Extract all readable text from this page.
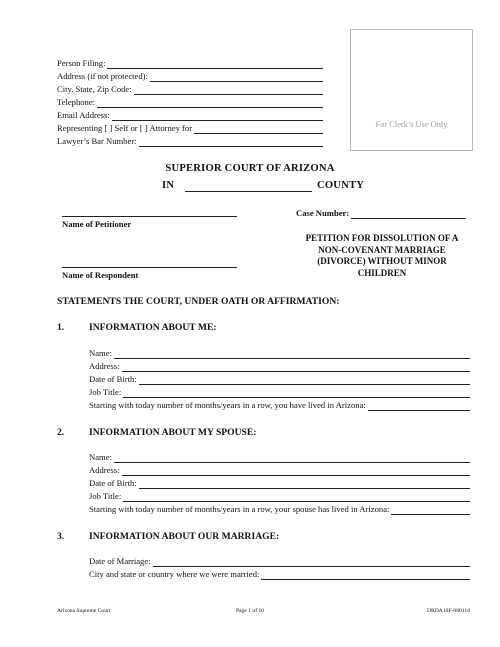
Person Filing:
Address (if not protected):
City, State, Zip Code:
Telephone:
Email Address:
Representing [ ] Self or [ ] Attorney for
Lawyer’s Bar Number:
For Clerk’s Use Only
SUPERIOR COURT OF ARIZONA
IN	COUNTY
Name of Petitioner
Case Number:
Name of Respondent
PETITION FOR DISSOLUTION OF A
NON-COVENANT MARRIAGE
(DIVORCE) WITHOUT MINOR
CHILDREN
STATEMENTS THE COURT, UNDER OATH OR AFFIRMATION:
1.	INFORMATION ABOUT ME:
Name:
Address:
Date of Birth:
Job Title:
Starting with today number of months/years in a row, you have lived in Arizona:
2.	INFORMATION ABOUT MY SPOUSE:
Name:
Address:
Date of Birth:
Job Title:
Starting with today number of months/years in a row, your spouse has lived in Arizona:
3.	INFORMATION ABOUT OUR MARRIAGE:
Date of Marriage:
City and state or country where we were married:
Arizona Supreme Court	Page 1 of 10	DRDA10F-080118
